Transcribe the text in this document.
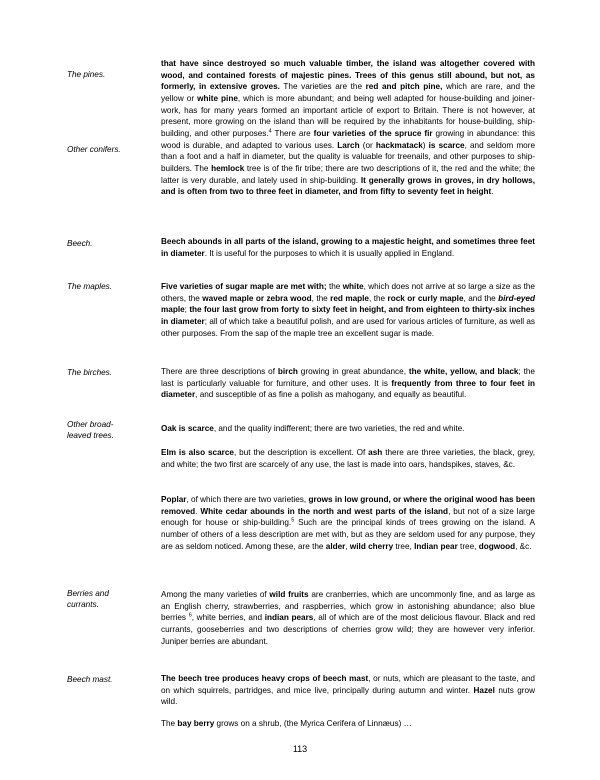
The pines.
Other conifers.
Beech.
The maples.
The birches.
Other broad-leaved trees.
Berries and currants.
Beech mast.
that have since destroyed so much valuable timber, the island was altogether covered with wood, and contained forests of majestic pines. Trees of this genus still abound, but not, as formerly, in extensive groves. The varieties are the red and pitch pine, which are rare, and the yellow or white pine, which is more abundant; and being well adapted for house-building and joiner-work, has for many years formed an important article of export to Britain. There is not however, at present, more growing on the island than will be required by the inhabitants for house-building, ship-building, and other purposes.$^4$ There are four varieties of the spruce fir growing in abundance: this wood is durable, and adapted to various uses. Larch (or hackmatack) is scarce, and seldom more than a foot and a half in diameter, but the quality is valuable for treenails, and other purposes to ship-builders. The hemlock tree is of the fir tribe; there are two descriptions of it, the red and the white; the latter is very durable, and lately used in ship-building. It generally grows in groves, in dry hollows, and is often from two to three feet in diameter, and from fifty to seventy feet in height.
Beech abounds in all parts of the island, growing to a majestic height, and sometimes three feet in diameter. It is useful for the purposes to which it is usually applied in England.
Five varieties of sugar maple are met with; the white, which does not arrive at so large a size as the others, the waved maple or zebra wood, the red maple, the rock or curly maple, and the bird-eyed maple; the four last grow from forty to sixty feet in height, and from eighteen to thirty-six inches in diameter; all of which take a beautiful polish, and are used for various articles of furniture, as well as other purposes. From the sap of the maple tree an excellent sugar is made.
There are three descriptions of birch growing in great abundance, the white, yellow, and black; the last is particularly valuable for furniture, and other uses. It is frequently from three to four feet in diameter, and susceptible of as fine a polish as mahogany, and equally as beautiful.
Oak is scarce, and the quality indifferent; there are two varieties, the red and white.
Elm is also scarce, but the description is excellent. Of ash there are three varieties, the black, grey, and white; the two first are scarcely of any use, the last is made into oars, handspikes, staves, &c.
Poplar, of which there are two varieties, grows in low ground, or where the original wood has been removed. White cedar abounds in the north and west parts of the island, but not of a size large enough for house or ship-building.$^5$ Such are the principal kinds of trees growing on the island. A number of others of a less description are met with, but as they are seldom used for any purpose, they are as seldom noticed. Among these, are the alder, wild cherry tree, Indian pear tree, dogwood, &c.
Among the many varieties of wild fruits are cranberries, which are uncommonly fine, and as large as an English cherry, strawberries, and raspberries, which grow in astonishing abundance; also blue berries $^6$, white berries, and indian pears, all of which are of the most delicious flavour. Black and red currants, gooseberries and two descriptions of cherries grow wild; they are however very inferior. Juniper berries are abundant.
The beech tree produces heavy crops of beech mast, or nuts, which are pleasant to the taste, and on which squirrels, partridges, and mice live, principally during autumn and winter. Hazel nuts grow wild.
The bay berry grows on a shrub, (the Myrica Cerifera of Linnæus) …
113
